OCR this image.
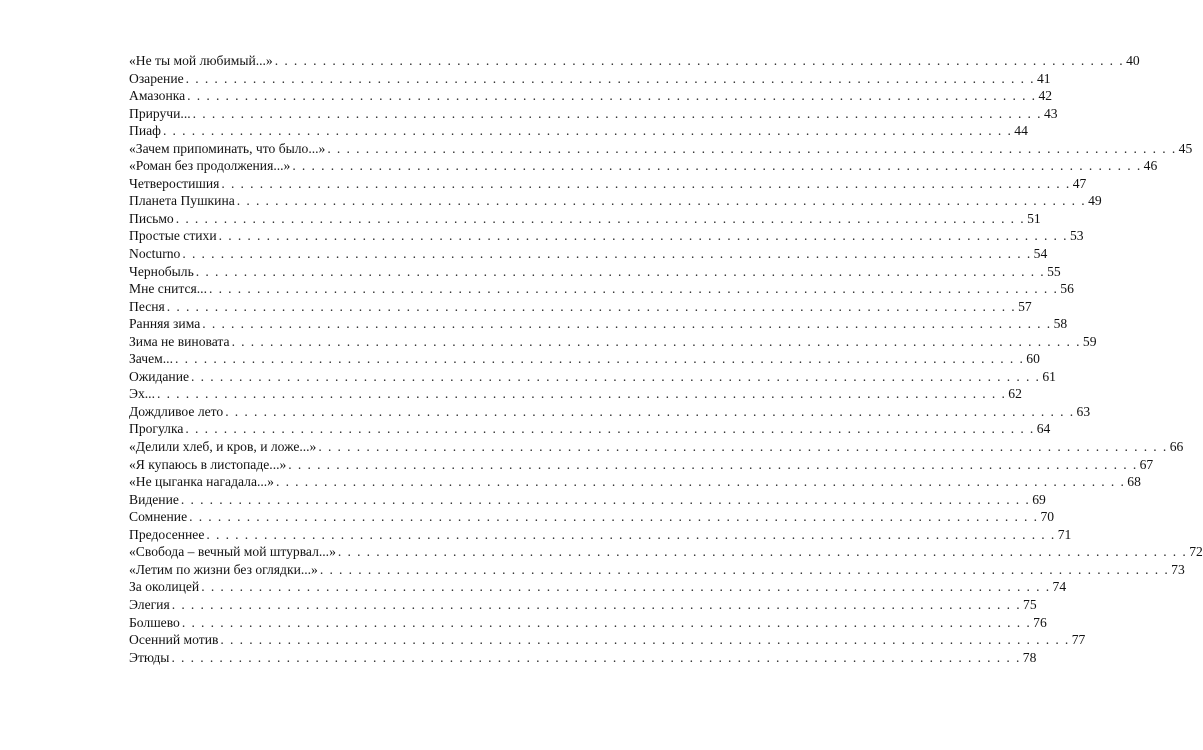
«Не ты мой любимый...» . . . . . . . . . . . . . . . . . . . . . . . . . . . . . . . . . . . . . . . . . . . . . . . . . . . . . . . . . . . . . . . . . . . . . . . . . . . . . . . . . . . . . . . . . 40
Озарение . . . . . . . . . . . . . . . . . . . . . . . . . . . . . . . . . . . . . . . . . . . . . . . . . . . . . . . . . . . . . . . . . . . . . . . . . . . . . . . . . . . . . . . . . 41
Амазонка . . . . . . . . . . . . . . . . . . . . . . . . . . . . . . . . . . . . . . . . . . . . . . . . . . . . . . . . . . . . . . . . . . . . . . . . . . . . . . . . . . . . . . . . . 42
Приручи... . . . . . . . . . . . . . . . . . . . . . . . . . . . . . . . . . . . . . . . . . . . . . . . . . . . . . . . . . . . . . . . . . . . . . . . . . . . . . . . . . . . . . . . . . 43
Пиаф . . . . . . . . . . . . . . . . . . . . . . . . . . . . . . . . . . . . . . . . . . . . . . . . . . . . . . . . . . . . . . . . . . . . . . . . . . . . . . . . . . . . . . . . . 44
«Зачем припоминать, что было...» . . . . . . . . . . . . . . . . . . . . . . . . . . . . . . . . . . . . . . . . . . . . . . . . . . . . . . . . . . . . . . . . . . . . . . . . . . . . . . . . . . . . . . . . . 45
«Роман без продолжения...» . . . . . . . . . . . . . . . . . . . . . . . . . . . . . . . . . . . . . . . . . . . . . . . . . . . . . . . . . . . . . . . . . . . . . . . . . . . . . . . . . . . . . . . . . 46
Четверостишия . . . . . . . . . . . . . . . . . . . . . . . . . . . . . . . . . . . . . . . . . . . . . . . . . . . . . . . . . . . . . . . . . . . . . . . . . . . . . . . . . . . . . . . . . 47
Планета Пушкина . . . . . . . . . . . . . . . . . . . . . . . . . . . . . . . . . . . . . . . . . . . . . . . . . . . . . . . . . . . . . . . . . . . . . . . . . . . . . . . . . . . . . . . . . 49
Письмо . . . . . . . . . . . . . . . . . . . . . . . . . . . . . . . . . . . . . . . . . . . . . . . . . . . . . . . . . . . . . . . . . . . . . . . . . . . . . . . . . . . . . . . . . 51
Простые стихи . . . . . . . . . . . . . . . . . . . . . . . . . . . . . . . . . . . . . . . . . . . . . . . . . . . . . . . . . . . . . . . . . . . . . . . . . . . . . . . . . . . . . . . . . 53
Nocturno . . . . . . . . . . . . . . . . . . . . . . . . . . . . . . . . . . . . . . . . . . . . . . . . . . . . . . . . . . . . . . . . . . . . . . . . . . . . . . . . . . . . . . . . . 54
Чернобыль . . . . . . . . . . . . . . . . . . . . . . . . . . . . . . . . . . . . . . . . . . . . . . . . . . . . . . . . . . . . . . . . . . . . . . . . . . . . . . . . . . . . . . . . . 55
Мне снится... . . . . . . . . . . . . . . . . . . . . . . . . . . . . . . . . . . . . . . . . . . . . . . . . . . . . . . . . . . . . . . . . . . . . . . . . . . . . . . . . . . . . . . . . . 56
Песня . . . . . . . . . . . . . . . . . . . . . . . . . . . . . . . . . . . . . . . . . . . . . . . . . . . . . . . . . . . . . . . . . . . . . . . . . . . . . . . . . . . . . . . . . 57
Ранняя зима . . . . . . . . . . . . . . . . . . . . . . . . . . . . . . . . . . . . . . . . . . . . . . . . . . . . . . . . . . . . . . . . . . . . . . . . . . . . . . . . . . . . . . . . . 58
Зима не виновата . . . . . . . . . . . . . . . . . . . . . . . . . . . . . . . . . . . . . . . . . . . . . . . . . . . . . . . . . . . . . . . . . . . . . . . . . . . . . . . . . . . . . . . . . 59
Зачем... . . . . . . . . . . . . . . . . . . . . . . . . . . . . . . . . . . . . . . . . . . . . . . . . . . . . . . . . . . . . . . . . . . . . . . . . . . . . . . . . . . . . . . . . . 60
Ожидание . . . . . . . . . . . . . . . . . . . . . . . . . . . . . . . . . . . . . . . . . . . . . . . . . . . . . . . . . . . . . . . . . . . . . . . . . . . . . . . . . . . . . . . . . 61
Эх... . . . . . . . . . . . . . . . . . . . . . . . . . . . . . . . . . . . . . . . . . . . . . . . . . . . . . . . . . . . . . . . . . . . . . . . . . . . . . . . . . . . . . . . . . 62
Дождливое лето . . . . . . . . . . . . . . . . . . . . . . . . . . . . . . . . . . . . . . . . . . . . . . . . . . . . . . . . . . . . . . . . . . . . . . . . . . . . . . . . . . . . . . . . . 63
Прогулка . . . . . . . . . . . . . . . . . . . . . . . . . . . . . . . . . . . . . . . . . . . . . . . . . . . . . . . . . . . . . . . . . . . . . . . . . . . . . . . . . . . . . . . . . 64
«Делили хлеб, и кров, и ложе...» . . . . . . . . . . . . . . . . . . . . . . . . . . . . . . . . . . . . . . . . . . . . . . . . . . . . . . . . . . . . . . . . . . . . . . . . . . . . . . . . . . . . . . . . . 66
«Я купаюсь в листопаде...» . . . . . . . . . . . . . . . . . . . . . . . . . . . . . . . . . . . . . . . . . . . . . . . . . . . . . . . . . . . . . . . . . . . . . . . . . . . . . . . . . . . . . . . . . 67
«Не цыганка нагадала...» . . . . . . . . . . . . . . . . . . . . . . . . . . . . . . . . . . . . . . . . . . . . . . . . . . . . . . . . . . . . . . . . . . . . . . . . . . . . . . . . . . . . . . . . . 68
Видение . . . . . . . . . . . . . . . . . . . . . . . . . . . . . . . . . . . . . . . . . . . . . . . . . . . . . . . . . . . . . . . . . . . . . . . . . . . . . . . . . . . . . . . . . 69
Сомнение . . . . . . . . . . . . . . . . . . . . . . . . . . . . . . . . . . . . . . . . . . . . . . . . . . . . . . . . . . . . . . . . . . . . . . . . . . . . . . . . . . . . . . . . . 70
Предосеннее . . . . . . . . . . . . . . . . . . . . . . . . . . . . . . . . . . . . . . . . . . . . . . . . . . . . . . . . . . . . . . . . . . . . . . . . . . . . . . . . . . . . . . . . . 71
«Свобода – вечный мой штурвал...» . . . . . . . . . . . . . . . . . . . . . . . . . . . . . . . . . . . . . . . . . . . . . . . . . . . . . . . . . . . . . . . . . . . . . . . . . . . . . . . . . . . . . . . . . 72
«Летим по жизни без оглядки...» . . . . . . . . . . . . . . . . . . . . . . . . . . . . . . . . . . . . . . . . . . . . . . . . . . . . . . . . . . . . . . . . . . . . . . . . . . . . . . . . . . . . . . . . . 73
За околицей . . . . . . . . . . . . . . . . . . . . . . . . . . . . . . . . . . . . . . . . . . . . . . . . . . . . . . . . . . . . . . . . . . . . . . . . . . . . . . . . . . . . . . . . . 74
Элегия . . . . . . . . . . . . . . . . . . . . . . . . . . . . . . . . . . . . . . . . . . . . . . . . . . . . . . . . . . . . . . . . . . . . . . . . . . . . . . . . . . . . . . . . . 75
Болшево . . . . . . . . . . . . . . . . . . . . . . . . . . . . . . . . . . . . . . . . . . . . . . . . . . . . . . . . . . . . . . . . . . . . . . . . . . . . . . . . . . . . . . . . . 76
Осенний мотив . . . . . . . . . . . . . . . . . . . . . . . . . . . . . . . . . . . . . . . . . . . . . . . . . . . . . . . . . . . . . . . . . . . . . . . . . . . . . . . . . . . . . . . . . 77
Этюды . . . . . . . . . . . . . . . . . . . . . . . . . . . . . . . . . . . . . . . . . . . . . . . . . . . . . . . . . . . . . . . . . . . . . . . . . . . . . . . . . . . . . . . . . 78
